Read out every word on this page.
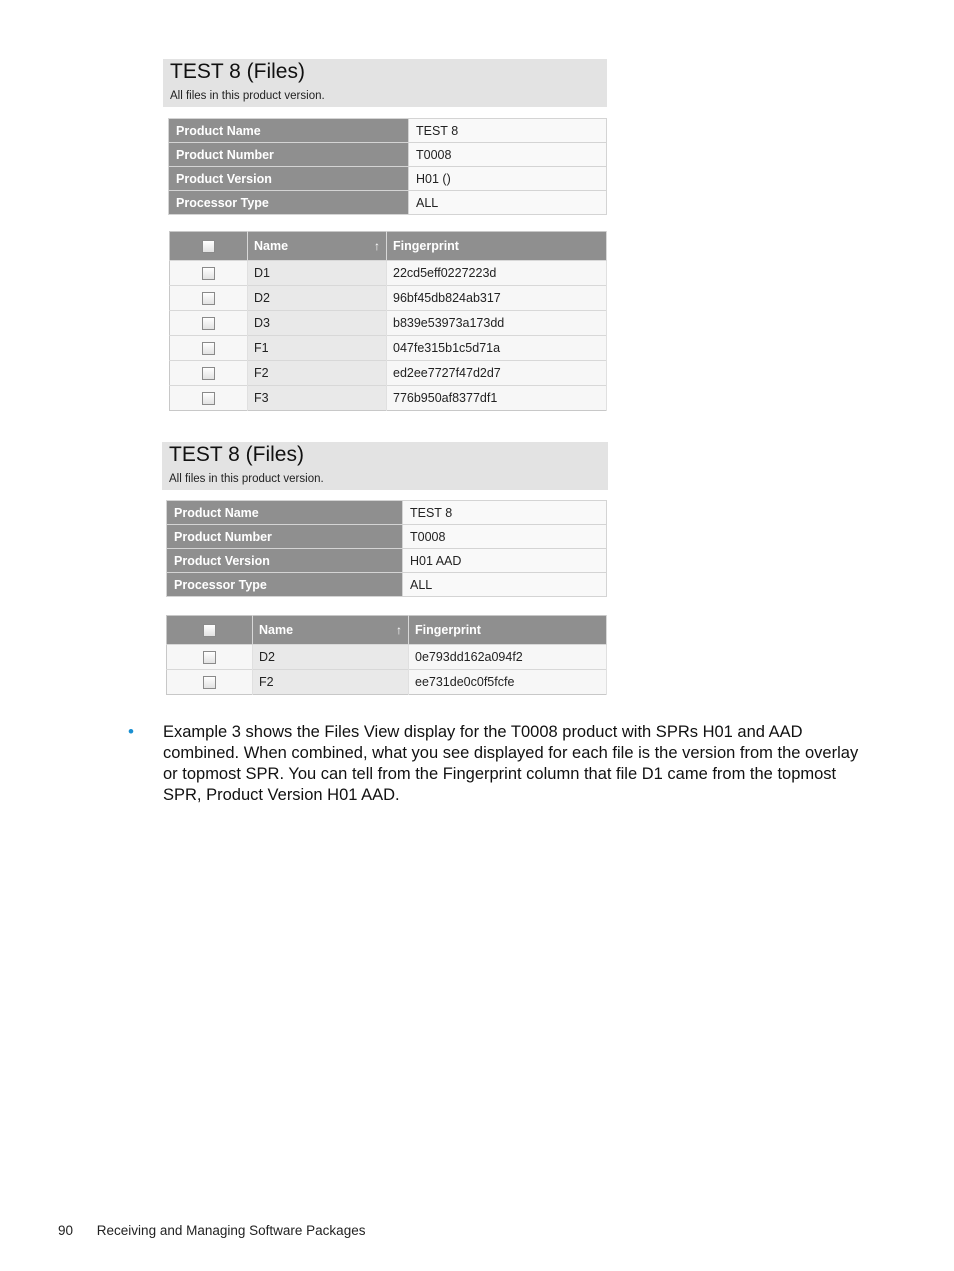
TEST 8 (Files)
All files in this product version.
Product Name	TEST 8
Product Number	T0008
Product Version	H01 ()
Processor Type	ALL
	Name ↑	Fingerprint
	D1	22cd5eff0227223d
	D2	96bf45db824ab317
	D3	b839e53973a173dd
	F1	047fe315b1c5d71a
	F2	ed2ee7727f47d2d7
	F3	776b950af8377df1
TEST 8 (Files)
All files in this product version.
Product Name	TEST 8
Product Number	T0008
Product Version	H01 AAD
Processor Type	ALL
	Name ↑	Fingerprint
	D2	0e793dd162a094f2
	F2	ee731de0c0f5fcfe
• Example 3 shows the Files View display for the T0008 product with SPRs H01 and AAD combined. When combined, what you see displayed for each file is the version from the overlay or topmost SPR. You can tell from the Fingerprint column that file D1 came from the topmost SPR, Product Version H01 AAD.
90 Receiving and Managing Software Packages
